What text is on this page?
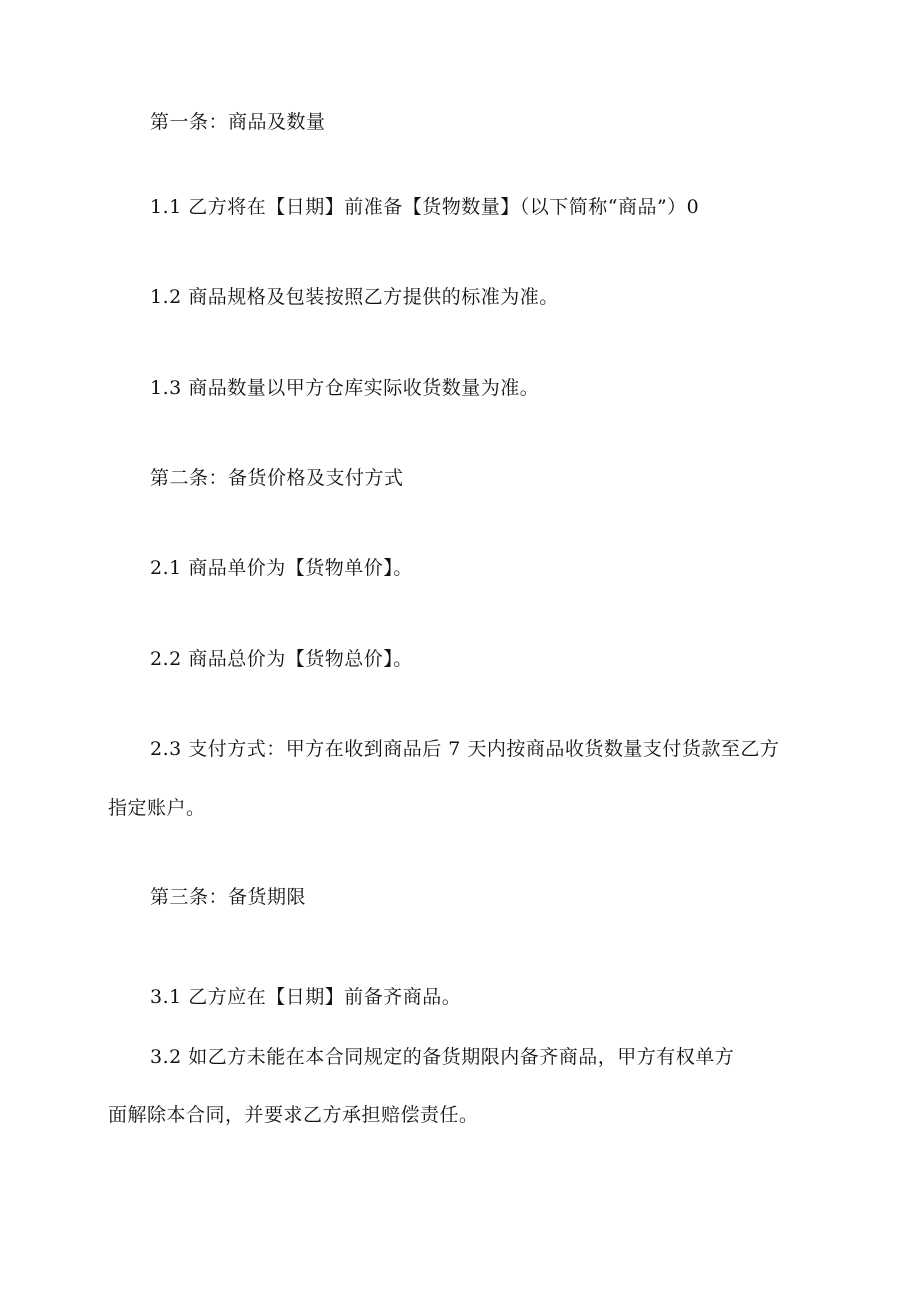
第一条：商品及数量
1.1 乙方将在【日期】前准备【货物数量】（以下简称“商品”）0
1.2 商品规格及包装按照乙方提供的标准为准。
1.3 商品数量以甲方仓库实际收货数量为准。
第二条：备货价格及支付方式
2.1 商品单价为【货物单价】。
2.2 商品总价为【货物总价】。
2.3 支付方式：甲方在收到商品后 7 天内按商品收货数量支付货款至乙方
指定账户。
第三条：备货期限
3.1 乙方应在【日期】前备齐商品。
3.2 如乙方未能在本合同规定的备货期限内备齐商品，甲方有权单方
面解除本合同，并要求乙方承担赔偿责任。
